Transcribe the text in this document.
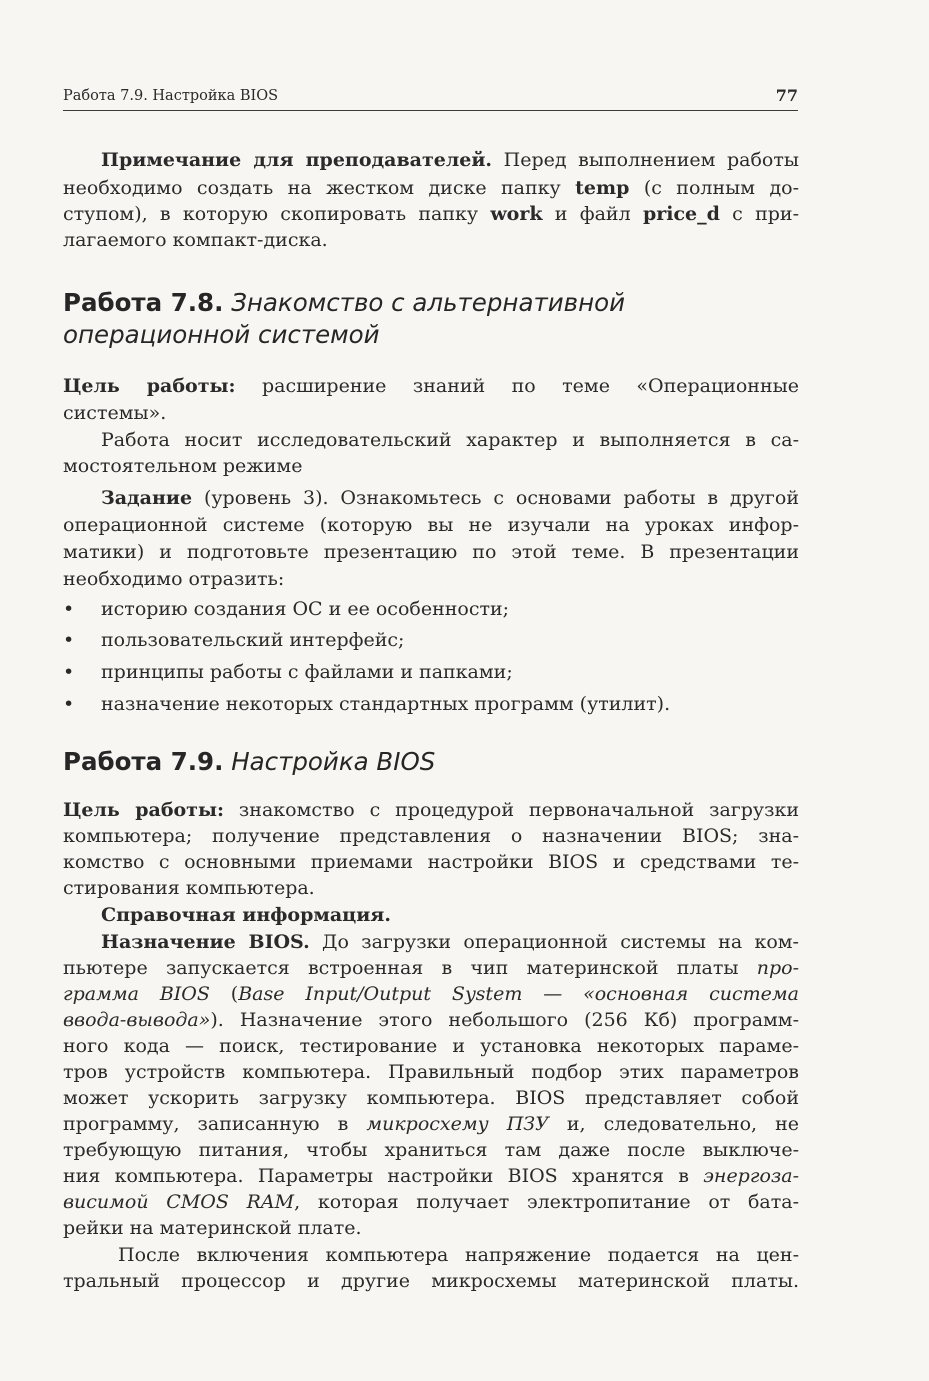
Работа 7.9. Настройка BIOS	77
Примечание для преподавателей. Перед выполнением работы
необходимо создать на жестком диске папку temp (с полным до-
ступом), в которую скопировать папку work и файл price_d с при-
лагаемого компакт-диска.
Работа 7.8. Знакомство с альтернативной
операционной системой
Цель работы: расширение знаний по теме «Операционные
системы».
Работа носит исследовательский характер и выполняется в са-
мостоятельном режиме
Задание (уровень 3). Ознакомьтесь с основами работы в другой
операционной системе (которую вы не изучали на уроках инфор-
матики) и подготовьте презентацию по этой теме. В презентации
необходимо отразить:
• историю создания ОС и ее особенности;
• пользовательский интерфейс;
• принципы работы с файлами и папками;
• назначение некоторых стандартных программ (утилит).
Работа 7.9. Настройка BIOS
Цель работы: знакомство с процедурой первоначальной загрузки
компьютера; получение представления о назначении BIOS; зна-
комство с основными приемами настройки BIOS и средствами те-
стирования компьютера.
Справочная информация.
Назначение BIOS. До загрузки операционной системы на ком-
пьютере запускается встроенная в чип материнской платы про-
грамма BIOS (Base Input/Output System — «основная система
ввода-вывода»). Назначение этого небольшого (256 Кб) программ-
ного кода — поиск, тестирование и установка некоторых параме-
тров устройств компьютера. Правильный подбор этих параметров
может ускорить загрузку компьютера. BIOS представляет собой
программу, записанную в микросхему ПЗУ и, следовательно, не
требующую питания, чтобы храниться там даже после выключе-
ния компьютера. Параметры настройки BIOS хранятся в энергоза-
висимой CMOS RAM, которая получает электропитание от бата-
рейки на материнской плате.
После включения компьютера напряжение подается на цен-
тральный процессор и другие микросхемы материнской платы.
